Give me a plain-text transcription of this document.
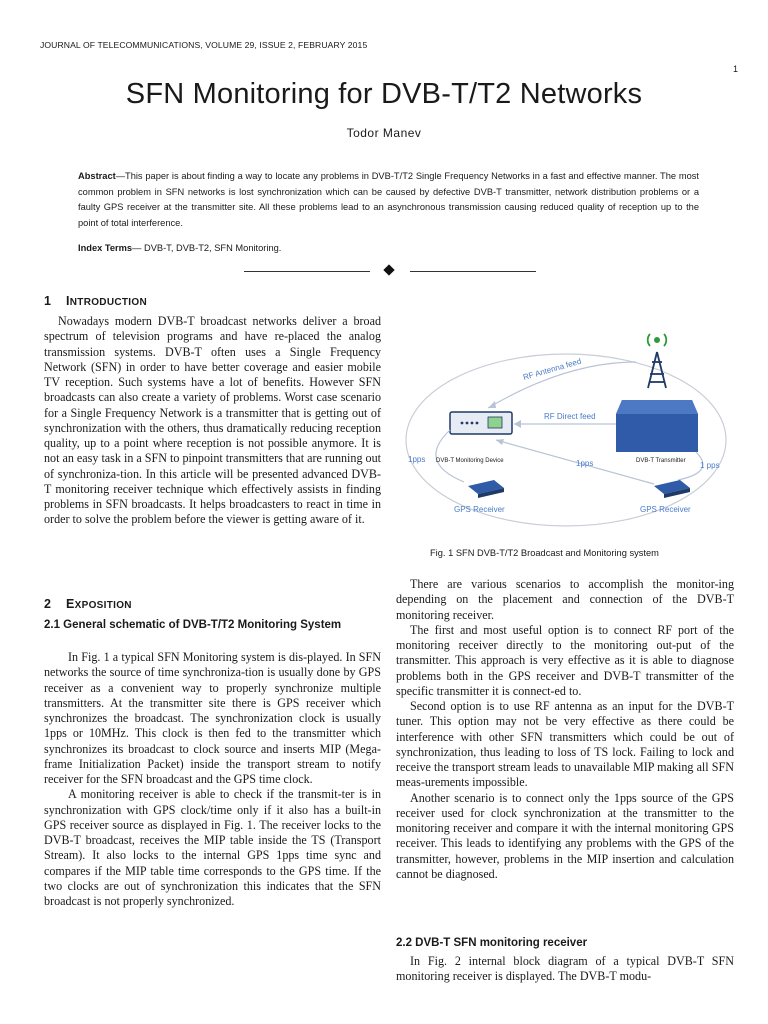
JOURNAL OF TELECOMMUNICATIONS, VOLUME 29, ISSUE 2, FEBRUARY 2015
1
SFN Monitoring for DVB-T/T2 Networks
Todor Manev
Abstract—This paper is about finding a way to locate any problems in DVB-T/T2 Single Frequency Networks in a fast and effective manner. The most common problem in SFN networks is lost synchronization which can be caused by defective DVB-T transmitter, network distribution problems or a faulty GPS receiver at the transmitter site. All these problems lead to an asynchronous transmission causing reduced quality of reception up to the point of total interference.
Index Terms— DVB-T, DVB-T2, SFN Monitoring.
1 INTRODUCTION

Nowadays modern DVB-T broadcast networks deliver a broad spectrum of television programs and have re-placed the analog transmission systems. DVB-T often uses a Single Frequency Network (SFN) in order to have better coverage and easier mobile TV reception. Such systems have a lot of benefits. However SFN broadcasts can also create a variety of problems. Worst case scenario for a Single Frequency Network is a transmitter that is getting out of synchronization with the others, thus dramatically reducing reception quality, up to a point where reception is not possible anymore. It is not an easy task in a SFN to pinpoint transmitters that are running out of synchroniza-tion. In this article will be presented advanced DVB-T monitoring receiver technique which effectively assists in finding problems in SFN broadcasts. It helps broadcasters to react in time in order to solve the problem before the viewer is getting aware of it.

2 EXPOSITION
2.1 General schematic of DVB-T/T2 Monitoring System

In Fig. 1 a typical SFN Monitoring system is dis-played. In SFN networks the source of time synchroniza-tion is usually done by GPS receiver as a convenient way to properly synchronize multiple transmitters. At the transmitter site there is GPS receiver which synchronizes the broadcast. The synchronization clock is usually 1pps or 10MHz. This clock is then fed to the transmitter which synchronizes its broadcast to clock source and inserts MIP (Mega-frame Initialization Packet) inside the transport stream to notify receiver for the SFN broadcast and the GPS time clock.

A monitoring receiver is able to check if the transmit-ter is in synchronization with GPS clock/time only if it also has a built-in GPS receiver source as displayed in Fig. 1. The receiver locks to the DVB-T broadcast, receives the MIP table inside the TS (Transport Stream). It also locks to the internal GPS 1pps time sync and compares if the MIP table time corresponds to the GPS time. If the two clocks are out of synchronization this indicates that the SFN broadcast is not properly synchronized.

RF Antenna feed
RF Direct feed
DVB-T Monitoring Device	DVB-T Transmitter
1pps	1pps	1 pps
GPS Receiver	GPS Receiver
Fig. 1 SFN DVB-T/T2 Broadcast and Monitoring system

There are various scenarios to accomplish the monitor-ing depending on the placement and connection of the DVB-T monitoring receiver.

The first and most useful option is to connect RF port of the monitoring receiver directly to the monitoring out-put of the transmitter. This approach is very effective as it is able to diagnose problems both in the GPS receiver and DVB-T transmitter of the specific transmitter it is connect-ed to.

Second option is to use RF antenna as an input for the DVB-T tuner. This option may not be very effective as there could be interference with other SFN transmitters which could be out of synchronization, thus leading to loss of TS lock. Failing to lock and receive the transport stream leads to unavailable MIP making all SFN meas-urements impossible.

Another scenario is to connect only the 1pps source of the GPS receiver used for clock synchronization at the transmitter to the monitoring receiver and compare it with the internal monitoring GPS receiver. This leads to identifying any problems with the GPS of the transmitter, however, problems in the MIP insertion and calculation cannot be diagnosed.

2.2 DVB-T SFN monitoring receiver

In Fig. 2 internal block diagram of a typical DVB-T SFN monitoring receiver is displayed. The DVB-T modu-
